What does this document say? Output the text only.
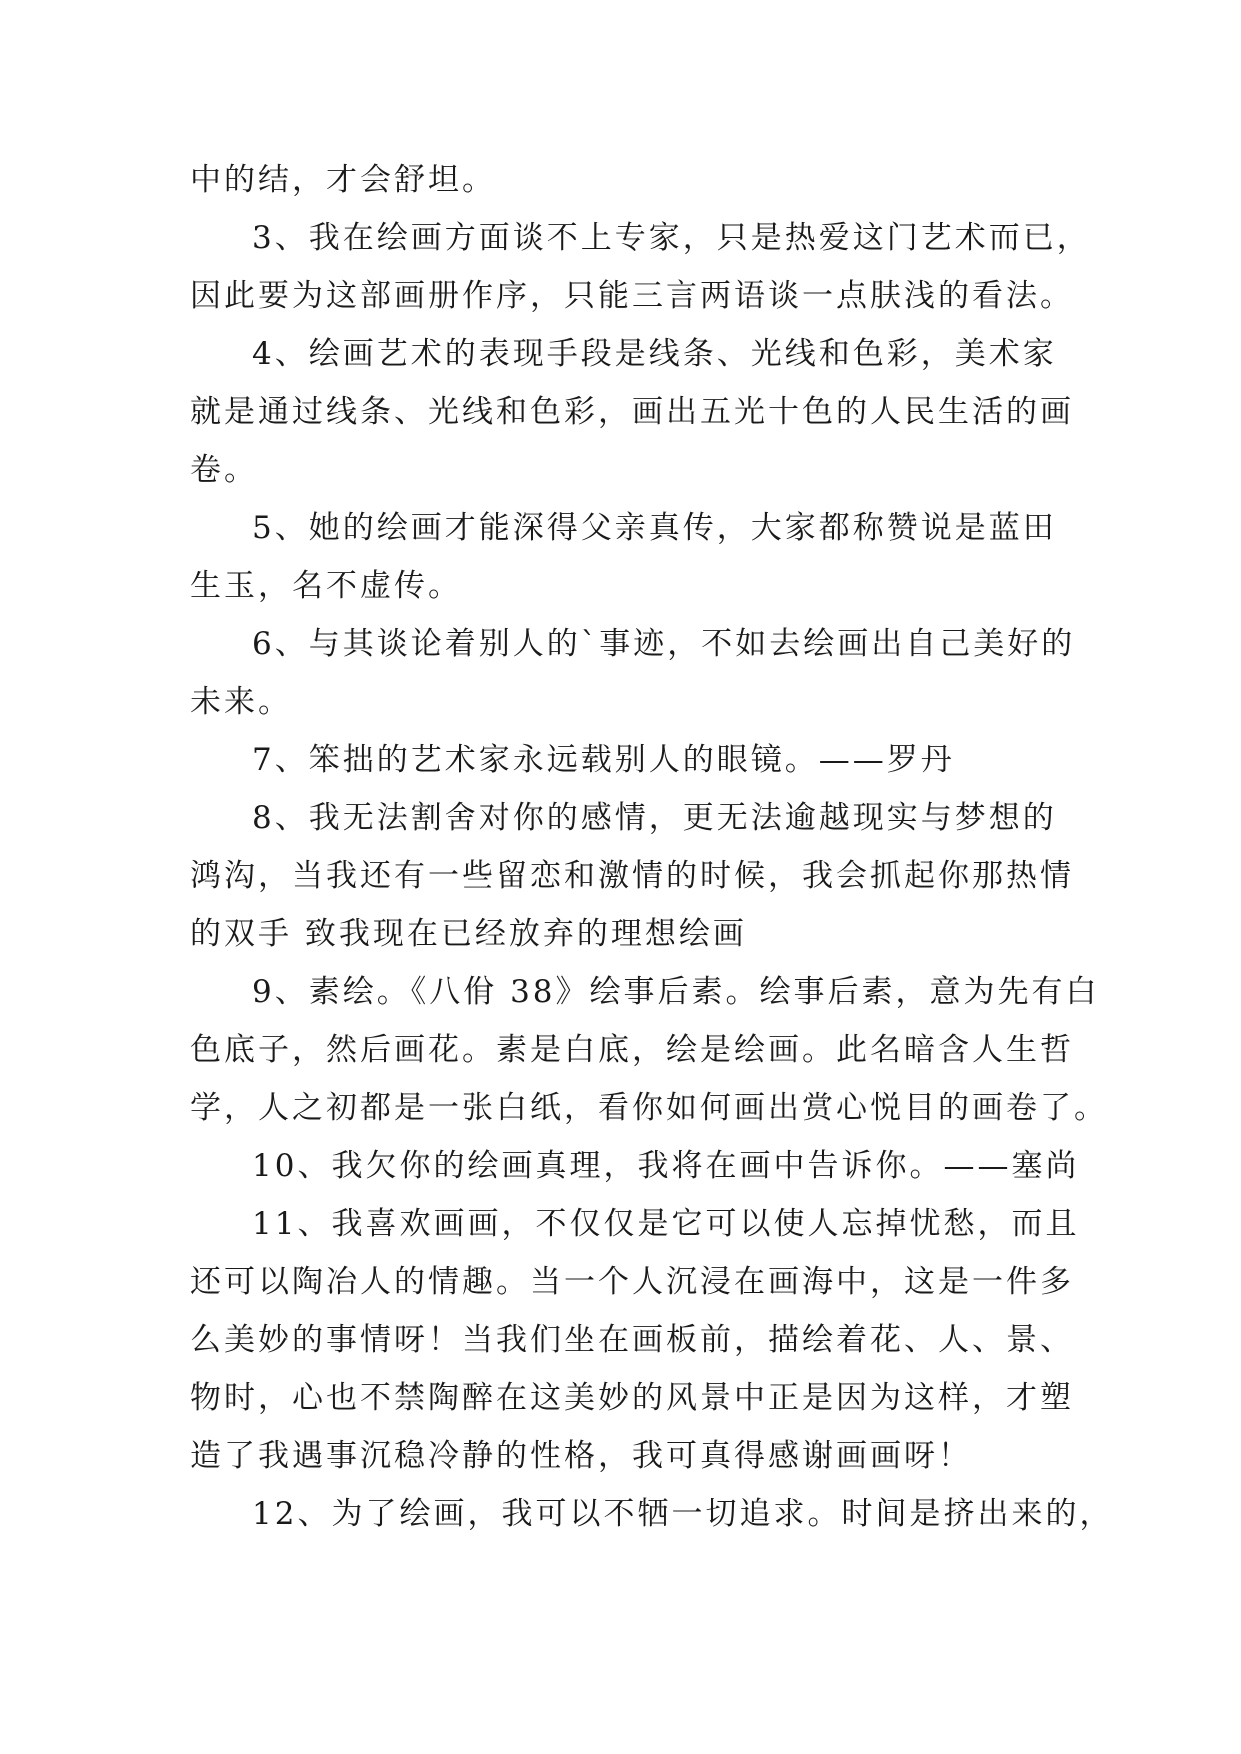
中的结，才会舒坦。
3、我在绘画方面谈不上专家，只是热爱这门艺术而已，
因此要为这部画册作序，只能三言两语谈一点肤浅的看法。
4、绘画艺术的表现手段是线条、光线和色彩，美术家
就是通过线条、光线和色彩，画出五光十色的人民生活的画
卷。
5、她的绘画才能深得父亲真传，大家都称赞说是蓝田
生玉，名不虚传。
6、与其谈论着别人的`事迹，不如去绘画出自己美好的
未来。
7、笨拙的艺术家永远载别人的眼镜。——罗丹
8、我无法割舍对你的感情，更无法逾越现实与梦想的
鸿沟，当我还有一些留恋和激情的时候，我会抓起你那热情
的双手 致我现在已经放弃的理想绘画
9、素绘。《八佾 38》绘事后素。绘事后素，意为先有白
色底子，然后画花。素是白底，绘是绘画。此名暗含人生哲
学，人之初都是一张白纸，看你如何画出赏心悦目的画卷了。
10、我欠你的绘画真理，我将在画中告诉你。——塞尚
11、我喜欢画画，不仅仅是它可以使人忘掉忧愁，而且
还可以陶冶人的情趣。当一个人沉浸在画海中，这是一件多
么美妙的事情呀！当我们坐在画板前，描绘着花、人、景、
物时，心也不禁陶醉在这美妙的风景中正是因为这样，才塑
造了我遇事沉稳冷静的性格，我可真得感谢画画呀！
12、为了绘画，我可以不牺一切追求。时间是挤出来的，
